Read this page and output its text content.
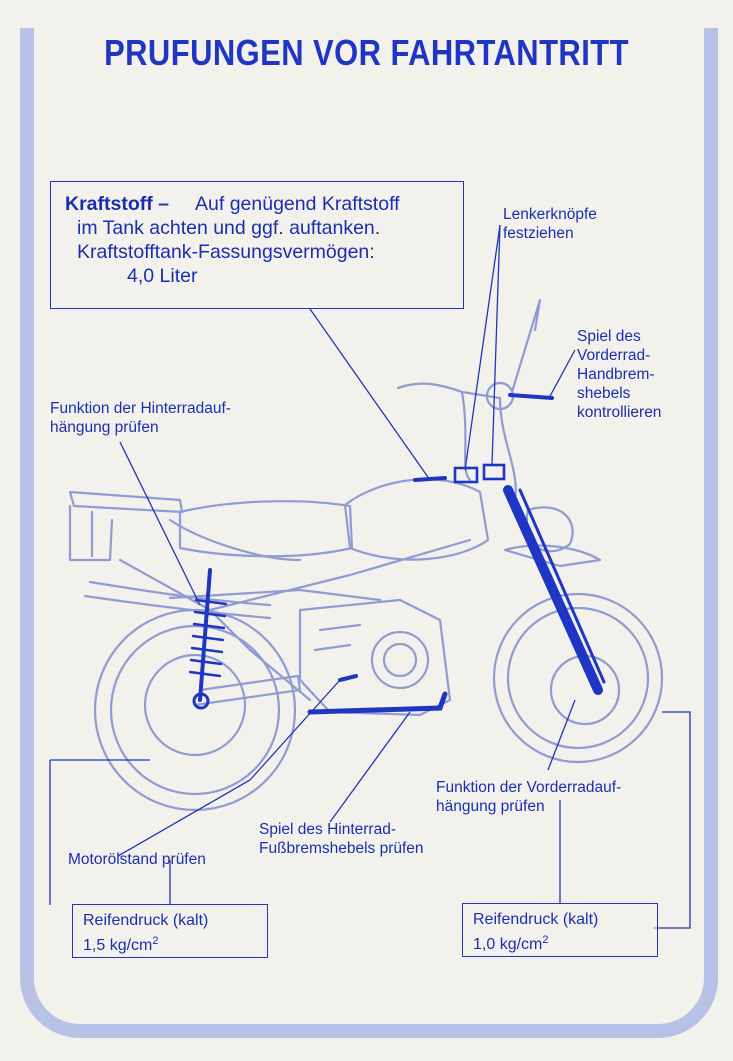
PRUFUNGEN VOR FAHRTANTRITT
Kraftstoff – Auf genügend Kraftstoff
im Tank achten und ggf. auftanken.
Kraftstofftank-Fassungsvermögen:
4,0 Liter
Lenkerknöpfe
festziehen
Spiel des
Vorderrad-
Handbrem-
shebels
kontrollieren
Funktion der Hinterradauf-
hängung prüfen
Funktion der Vorderradauf-
hängung prüfen
Spiel des Hinterrad-
Fußbremshebels prüfen
Motorölstand prüfen
Reifendruck (kalt)
1,5 $kg/cm^2$
Reifendruck (kalt)
1,0 $kg/cm^2$
